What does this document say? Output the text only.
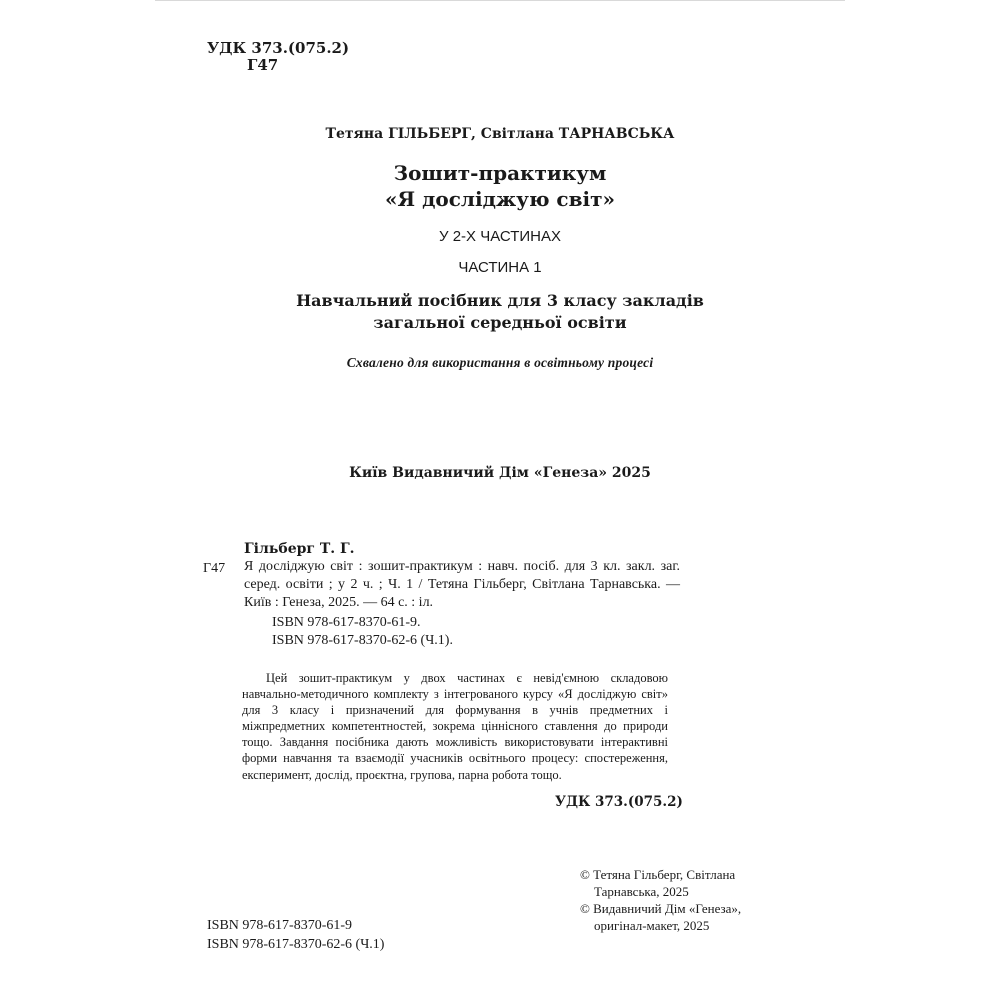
УДК 373.(075.2)
Г47
Тетяна ГІЛЬБЕРГ, Світлана ТАРНАВСЬКА
Зошит-практикум
«Я досліджую світ»
У 2-Х ЧАСТИНАХ
ЧАСТИНА 1
Навчальний посібник для 3 класу закладів
загальної середньої освіти
Схвалено для використання в освітньому процесі
Київ Видавничий Дім «Генеза» 2025
Гільберг Т. Г.
Г47	Я досліджую світ : зошит-практикум : навч. посіб. для 3 кл. закл. заг. серед. освіти ; у 2 ч. ; Ч. 1 / Тетяна Гільберг, Світлана Тарнавська. — Київ : Генеза, 2025. — 64 с. : іл.
ISBN 978-617-8370-61-9.
ISBN 978-617-8370-62-6 (Ч.1).
Цей зошит-практикум у двох частинах є невід'ємною складовою навчально-методичного комплекту з інтегрованого курсу «Я досліджую світ» для 3 класу і призначений для формування в учнів предметних і міжпредметних компетентностей, зокрема ціннісного ставлення до природи тощо. Завдання посібника дають можливість використовувати інтерактивні форми навчання та взаємодії учасників освітнього процесу: спостереження, експеримент, дослід, проєктна, групова, парна робота тощо.
УДК 373.(075.2)
ISBN 978-617-8370-61-9
ISBN 978-617-8370-62-6 (Ч.1)
© Тетяна Гільберг, Світлана
Тарнавська, 2025
© Видавничий Дім «Генеза»,
оригінал-макет, 2025
